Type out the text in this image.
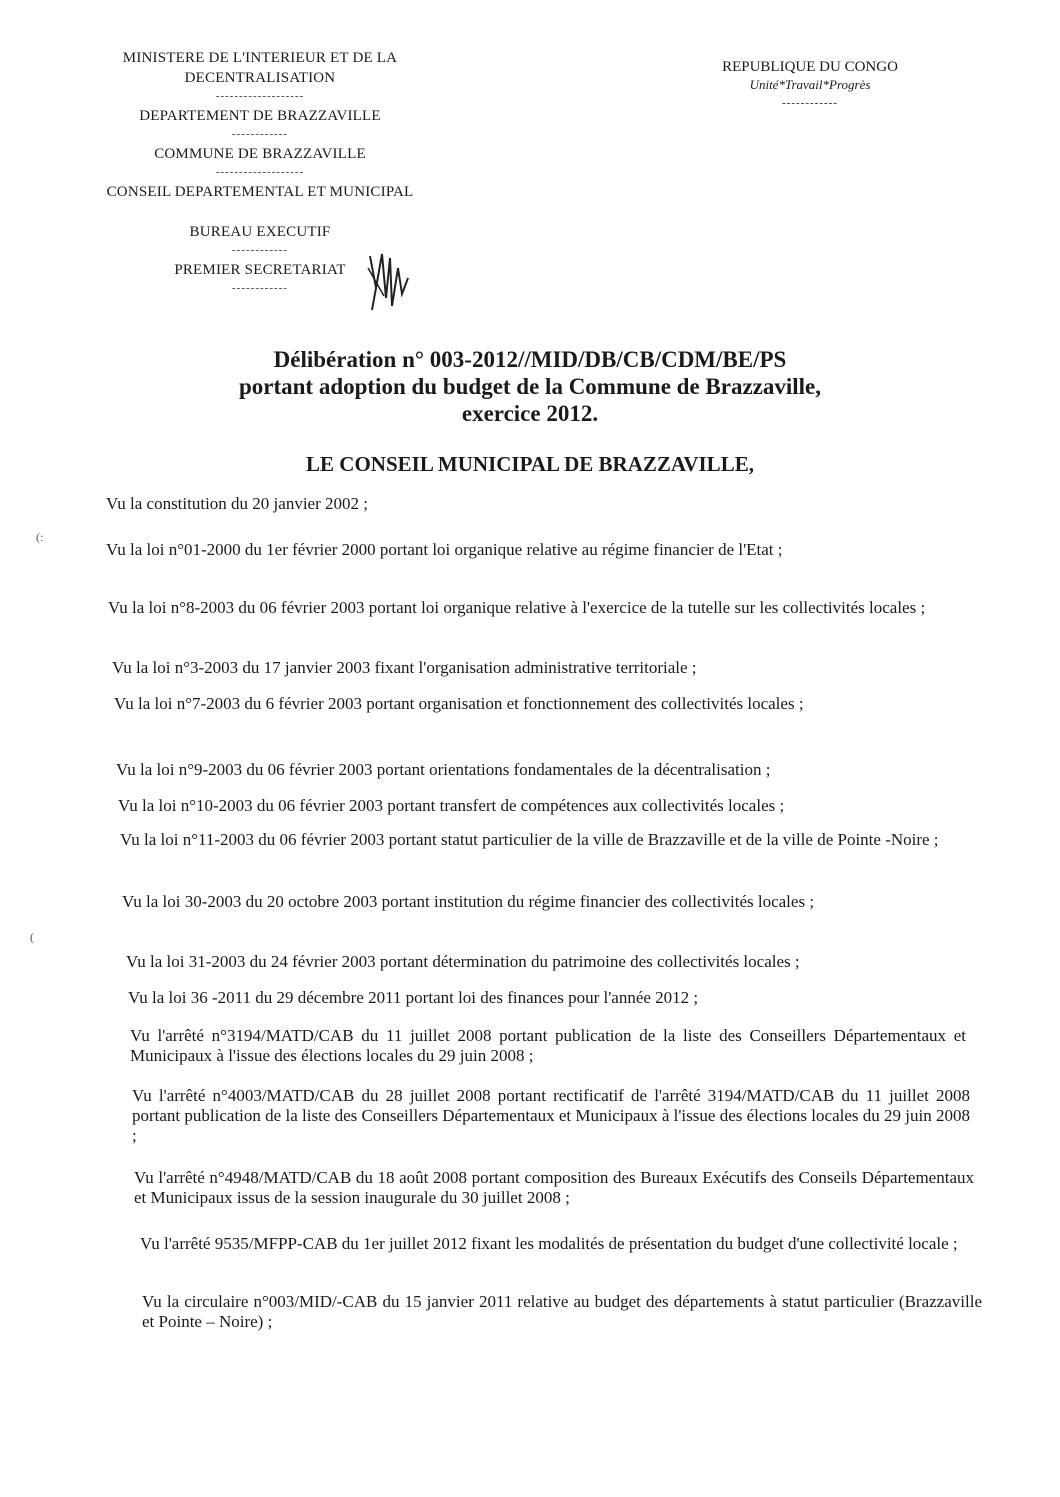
MINISTERE DE L'INTERIEUR ET DE LA
DECENTRALISATION
-------------------
DEPARTEMENT DE BRAZZAVILLE
------------
COMMUNE DE BRAZZAVILLE
-------------------
CONSEIL DEPARTEMENTAL ET MUNICIPAL
BUREAU EXECUTIF
------------
PREMIER SECRETARIAT
------------
REPUBLIQUE DU CONGO
Unité*Travail*Progrès
------------
Délibération n° 003-2012//MID/DB/CB/CDM/BE/PS
portant adoption du budget de la Commune de Brazzaville,
exercice 2012.
LE CONSEIL MUNICIPAL DE BRAZZAVILLE,
Vu la constitution du 20 janvier 2002 ;
Vu la loi n°01-2000 du 1er février 2000 portant loi organique relative au régime financier de l'Etat ;
Vu la loi n°8-2003 du 06 février 2003 portant loi organique relative à l'exercice de la tutelle sur les collectivités locales ;
Vu la loi n°3-2003 du 17 janvier 2003 fixant l'organisation administrative territoriale ;
Vu la loi n°7-2003 du 6 février 2003 portant organisation et fonctionnement des collectivités locales ;
Vu la loi n°9-2003 du 06 février 2003 portant orientations fondamentales de la décentralisation ;
Vu la loi n°10-2003 du 06 février 2003 portant transfert de compétences aux collectivités locales ;
Vu la loi n°11-2003 du 06 février 2003 portant statut particulier de la ville de Brazzaville et de la ville de Pointe -Noire ;
Vu la loi 30-2003 du 20 octobre 2003 portant institution du régime financier des collectivités locales ;
Vu la loi 31-2003 du 24 février 2003 portant détermination du patrimoine des collectivités locales ;
Vu la loi 36 -2011 du 29 décembre 2011 portant loi des finances pour l'année 2012 ;
Vu l'arrêté n°3194/MATD/CAB du 11 juillet 2008 portant publication de la liste des Conseillers Départementaux et Municipaux à l'issue des élections locales du 29 juin 2008 ;
Vu l'arrêté n°4003/MATD/CAB du 28 juillet 2008 portant rectificatif de l'arrêté 3194/MATD/CAB du 11 juillet 2008 portant publication de la liste des Conseillers Départementaux et Municipaux à l'issue des élections locales du 29 juin 2008 ;
Vu l'arrêté n°4948/MATD/CAB du 18 août 2008 portant composition des Bureaux Exécutifs des Conseils Départementaux et Municipaux issus de la session inaugurale du 30 juillet 2008 ;
Vu l'arrêté 9535/MFPP-CAB du 1er juillet 2012 fixant les modalités de présentation du budget d'une collectivité locale ;
Vu la circulaire n°003/MID/-CAB du 15 janvier 2011 relative au budget des départements à statut particulier (Brazzaville et Pointe – Noire) ;
(:
(
